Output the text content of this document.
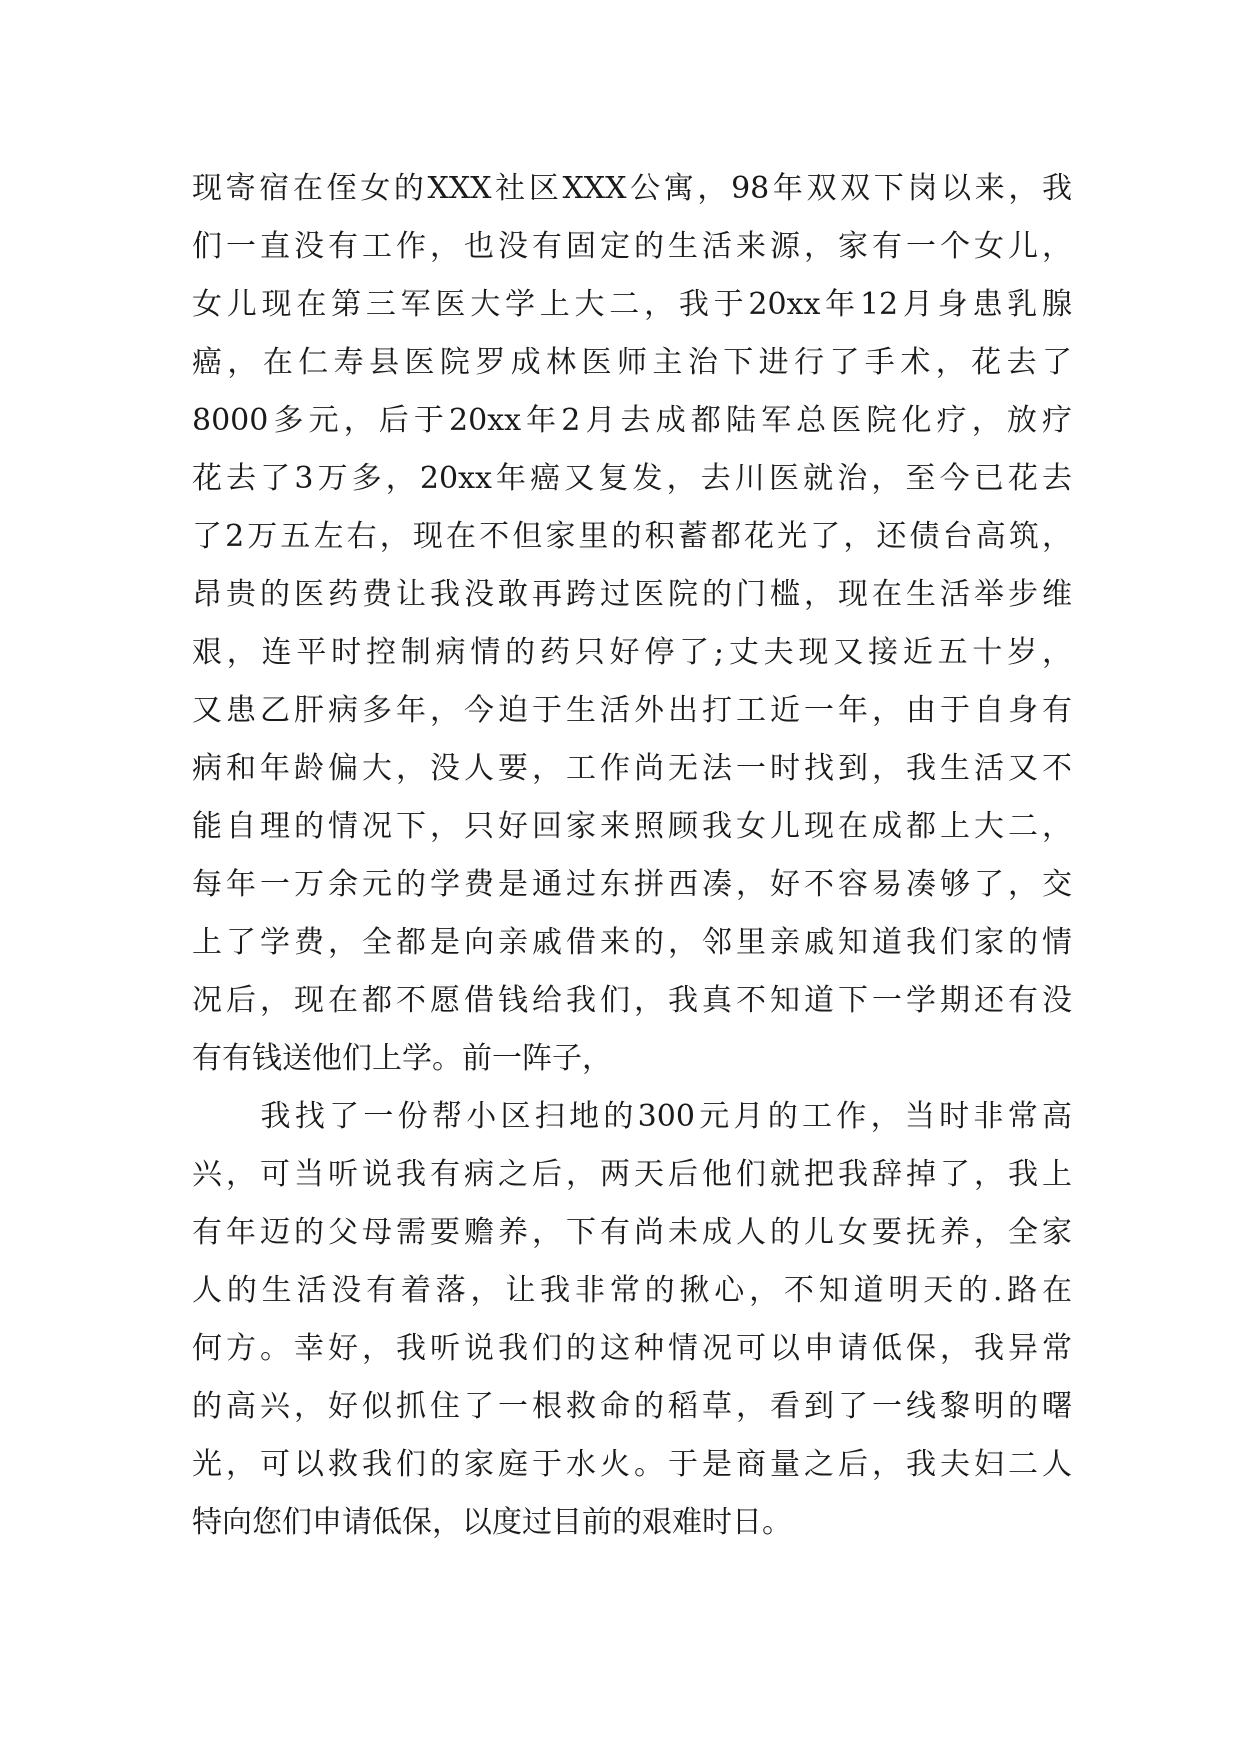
现寄宿在侄女的XXX社区XXX公寓，98年双双下岗以来，我
们一直没有工作，也没有固定的生活来源，家有一个女儿，
女儿现在第三军医大学上大二，我于20xx年12月身患乳腺
癌，在仁寿县医院罗成林医师主治下进行了手术，花去了
8000多元，后于20xx年2月去成都陆军总医院化疗，放疗
花去了3万多，20xx年癌又复发，去川医就治，至今已花去
了2万五左右，现在不但家里的积蓄都花光了，还债台高筑，
昂贵的医药费让我没敢再跨过医院的门槛，现在生活举步维
艰，连平时控制病情的药只好停了;丈夫现又接近五十岁，
又患乙肝病多年，今迫于生活外出打工近一年，由于自身有
病和年龄偏大，没人要，工作尚无法一时找到，我生活又不
能自理的情况下，只好回家来照顾我女儿现在成都上大二，
每年一万余元的学费是通过东拼西凑，好不容易凑够了，交
上了学费，全都是向亲戚借来的，邻里亲戚知道我们家的情
况后，现在都不愿借钱给我们，我真不知道下一学期还有没
有有钱送他们上学。前一阵子，
　　我找了一份帮小区扫地的300元月的工作，当时非常高
兴，可当听说我有病之后，两天后他们就把我辞掉了，我上
有年迈的父母需要赡养，下有尚未成人的儿女要抚养，全家
人的生活没有着落，让我非常的揪心，不知道明天的.路在
何方。幸好，我听说我们的这种情况可以申请低保，我异常
的高兴，好似抓住了一根救命的稻草，看到了一线黎明的曙
光，可以救我们的家庭于水火。于是商量之后，我夫妇二人
特向您们申请低保，以度过目前的艰难时日。
